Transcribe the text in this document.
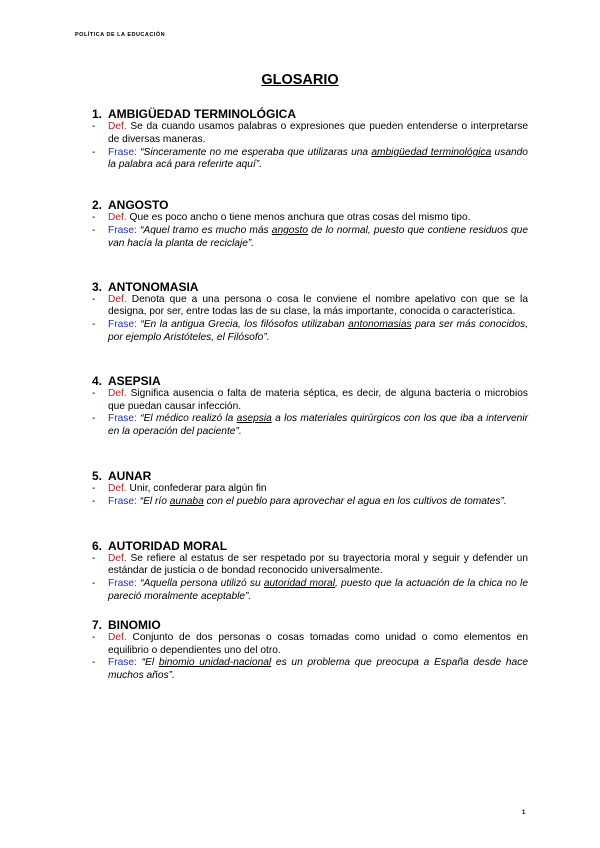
POLÍTICA DE LA EDUCACIÓN
GLOSARIO
1. AMBIGÜEDAD TERMINOLÓGICA
- Def. Se da cuando usamos palabras o expresiones que pueden entenderse o interpretarse de diversas maneras.
- Frase: “Sinceramente no me esperaba que utilizaras una ambigüedad terminológica usando la palabra acá para referirte aquí”.
2. ANGOSTO
- Def. Que es poco ancho o tiene menos anchura que otras cosas del mismo tipo.
- Frase: “Aquel tramo es mucho más angosto de lo normal, puesto que contiene residuos que van hacía la planta de reciclaje”.
3. ANTONOMASIA
- Def. Denota que a una persona o cosa le conviene el nombre apelativo con que se la designa, por ser, entre todas las de su clase, la más importante, conocida o característica.
- Frase: “En la antigua Grecia, los filósofos utilizaban antonomasias para ser más conocidos, por ejemplo Aristóteles, el Filósofo”.
4. ASEPSIA
- Def. Significa ausencia o falta de materia séptica, es decir, de alguna bacteria o microbios que puedan causar infección.
- Frase: “El médico realizó la asepsia a los materiales quirúrgicos con los que iba a intervenir en la operación del paciente”.
5. AUNAR
- Def. Unir, confederar para algún fin
- Frase: “El río aunaba con el pueblo para aprovechar el agua en los cultivos de tomates”.
6. AUTORIDAD MORAL
- Def. Se refiere al estatus de ser respetado por su trayectoria moral y seguir y defender un estándar de justicia o de bondad reconocido universalmente.
- Frase: “Aquella persona utilizó su autoridad moral, puesto que la actuación de la chica no le pareció moralmente aceptable”.
7. BINOMIO
- Def. Conjunto de dos personas o cosas tomadas como unidad o como elementos en equilibrio o dependientes uno del otro.
- Frase: “El binomio unidad-nacional es un problema que preocupa a España desde hace muchos años”.
1
